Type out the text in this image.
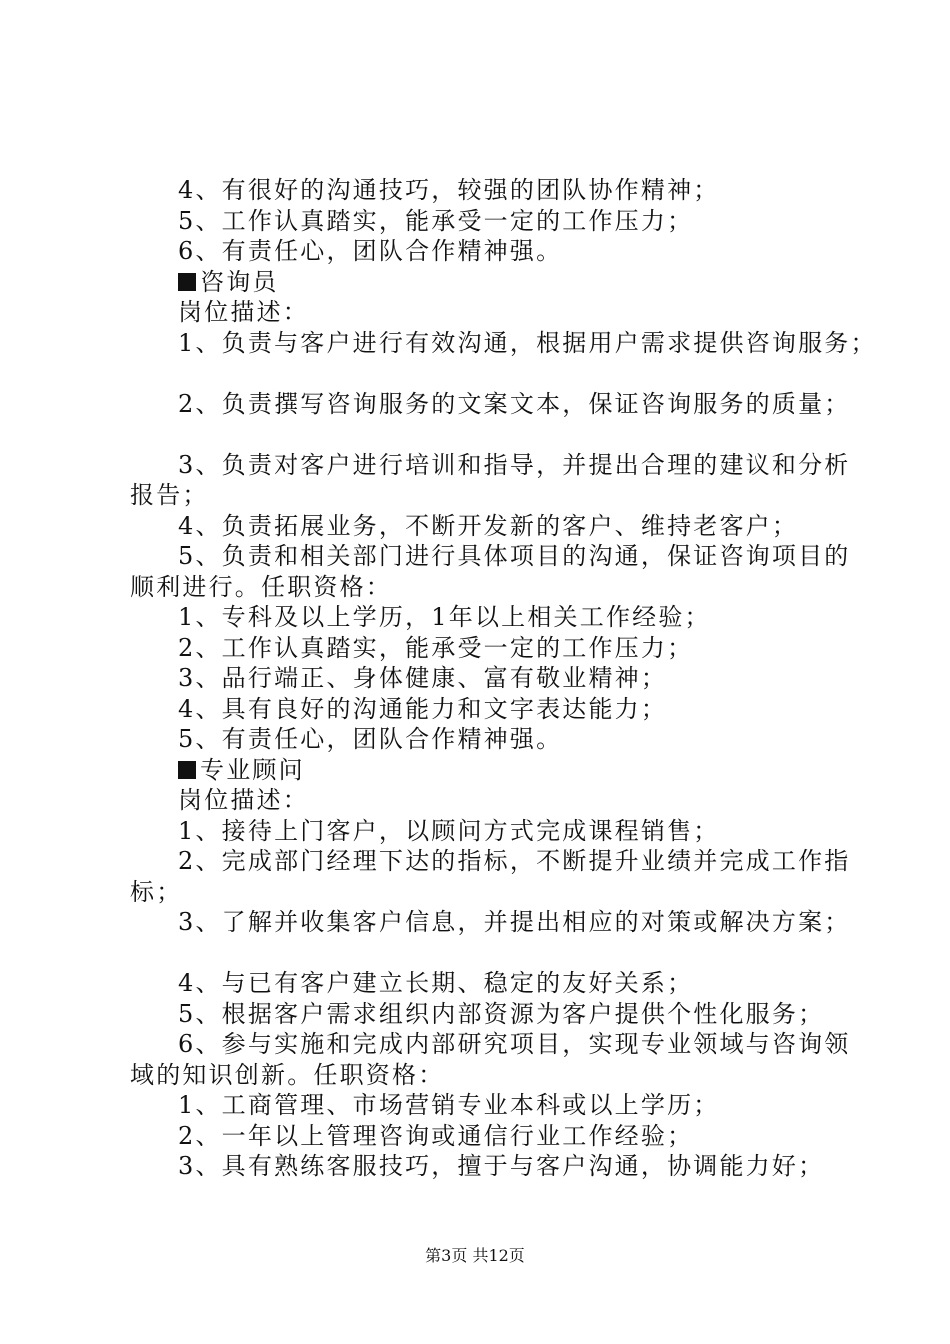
4、有很好的沟通技巧，较强的团队协作精神；
5、工作认真踏实，能承受一定的工作压力；
6、有责任心，团队合作精神强。
咨询员
岗位描述：
1、负责与客户进行有效沟通，根据用户需求提供咨询服务；
2、负责撰写咨询服务的文案文本，保证咨询服务的质量；
3、负责对客户进行培训和指导，并提出合理的建议和分析
报告；
4、负责拓展业务，不断开发新的客户、维持老客户；
5、负责和相关部门进行具体项目的沟通，保证咨询项目的
顺利进行。任职资格：
1、专科及以上学历，1年以上相关工作经验；
2、工作认真踏实，能承受一定的工作压力；
3、品行端正、身体健康、富有敬业精神；
4、具有良好的沟通能力和文字表达能力；
5、有责任心，团队合作精神强。
专业顾问
岗位描述：
1、接待上门客户，以顾问方式完成课程销售；
2、完成部门经理下达的指标，不断提升业绩并完成工作指
标；
3、了解并收集客户信息，并提出相应的对策或解决方案；
4、与已有客户建立长期、稳定的友好关系；
5、根据客户需求组织内部资源为客户提供个性化服务；
6、参与实施和完成内部研究项目，实现专业领域与咨询领
域的知识创新。任职资格：
1、工商管理、市场营销专业本科或以上学历；
2、一年以上管理咨询或通信行业工作经验；
3、具有熟练客服技巧，擅于与客户沟通，协调能力好；
第3页 共12页
